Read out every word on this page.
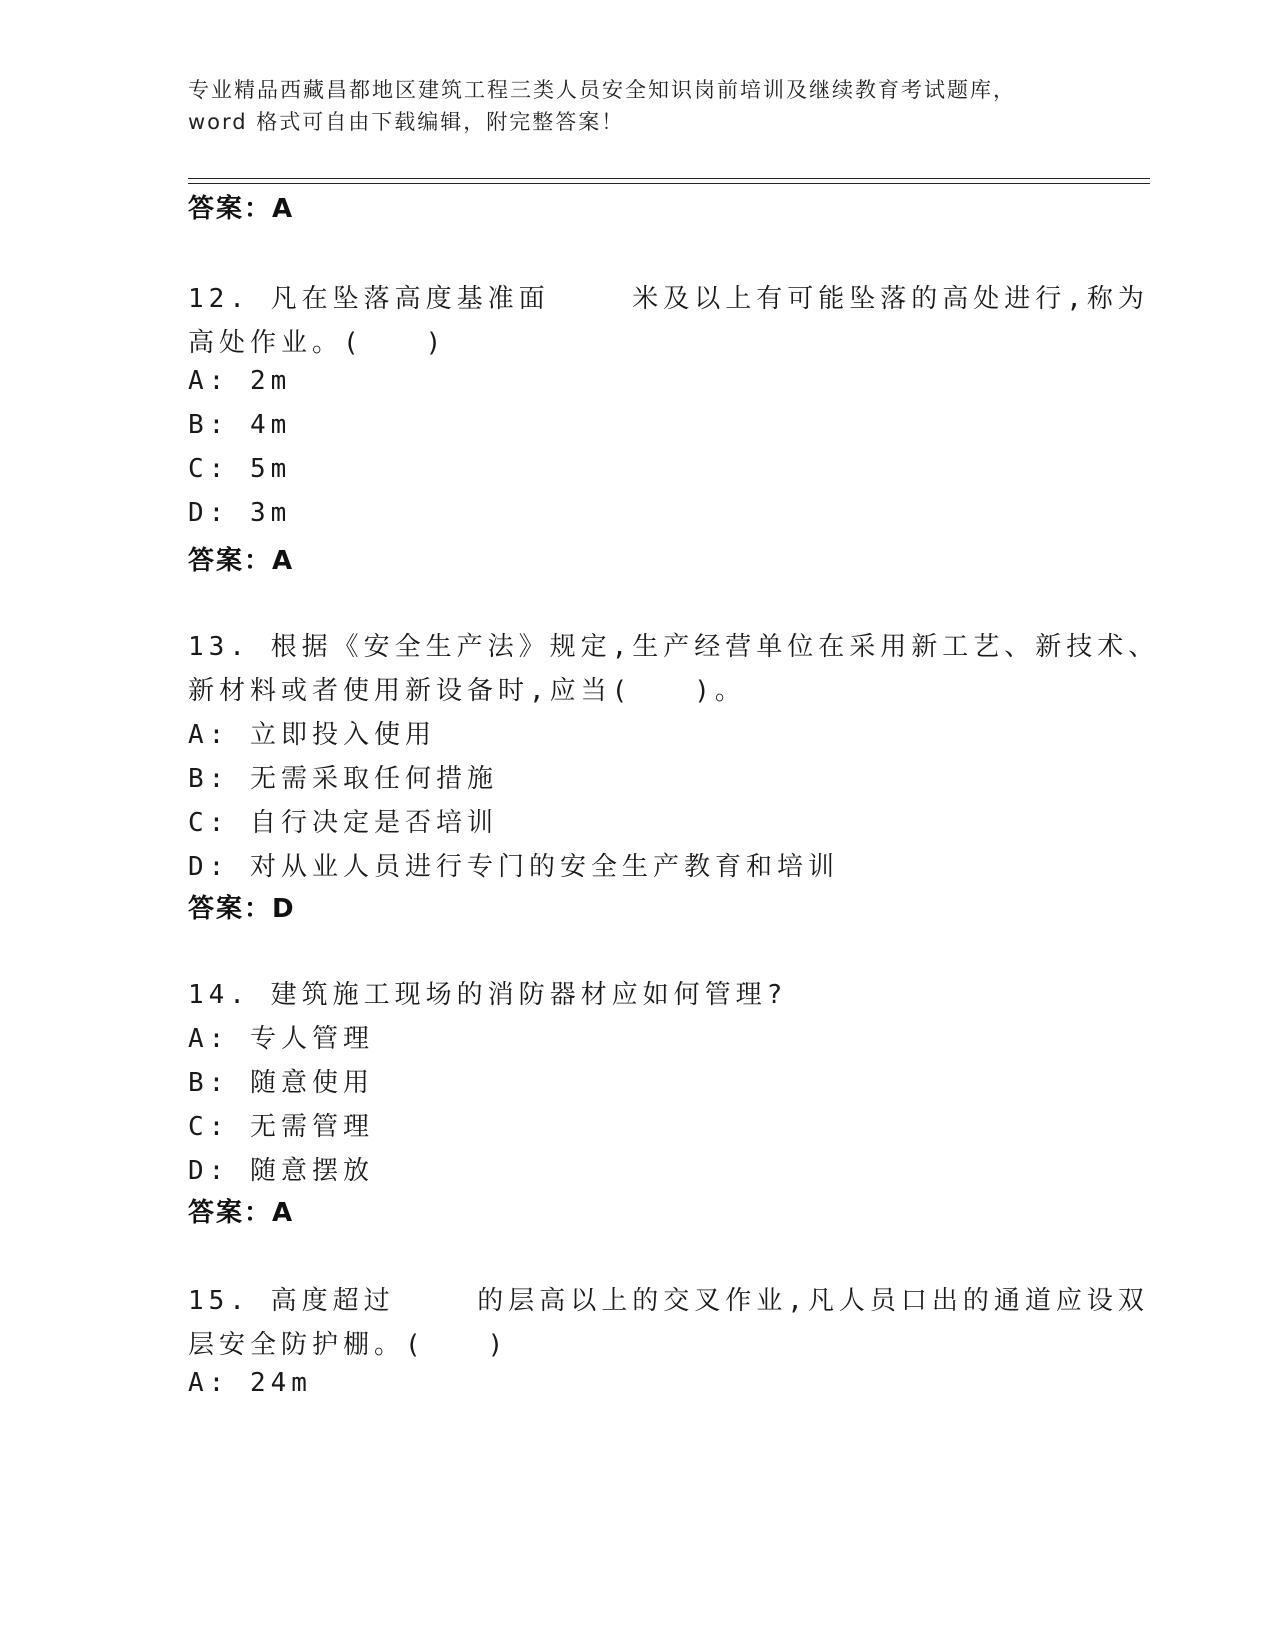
专业精品西藏昌都地区建筑工程三类人员安全知识岗前培训及继续教育考试题库，
word 格式可自由下载编辑，附完整答案！
答案：A
12. 凡在坠落高度基准面    米及以上有可能坠落的高处进行,称为
高处作业。(   )
A: 2m
B: 4m
C: 5m
D: 3m
答案：A
13. 根据《安全生产法》规定,生产经营单位在采用新工艺、新技术、
新材料或者使用新设备时,应当(   )。
A: 立即投入使用
B: 无需采取任何措施
C: 自行决定是否培训
D: 对从业人员进行专门的安全生产教育和培训
答案：D
14. 建筑施工现场的消防器材应如何管理?
A: 专人管理
B: 随意使用
C: 无需管理
D: 随意摆放
答案：A
15. 高度超过    的层高以上的交叉作业,凡人员口出的通道应设双
层安全防护棚。(   )
A: 24m
